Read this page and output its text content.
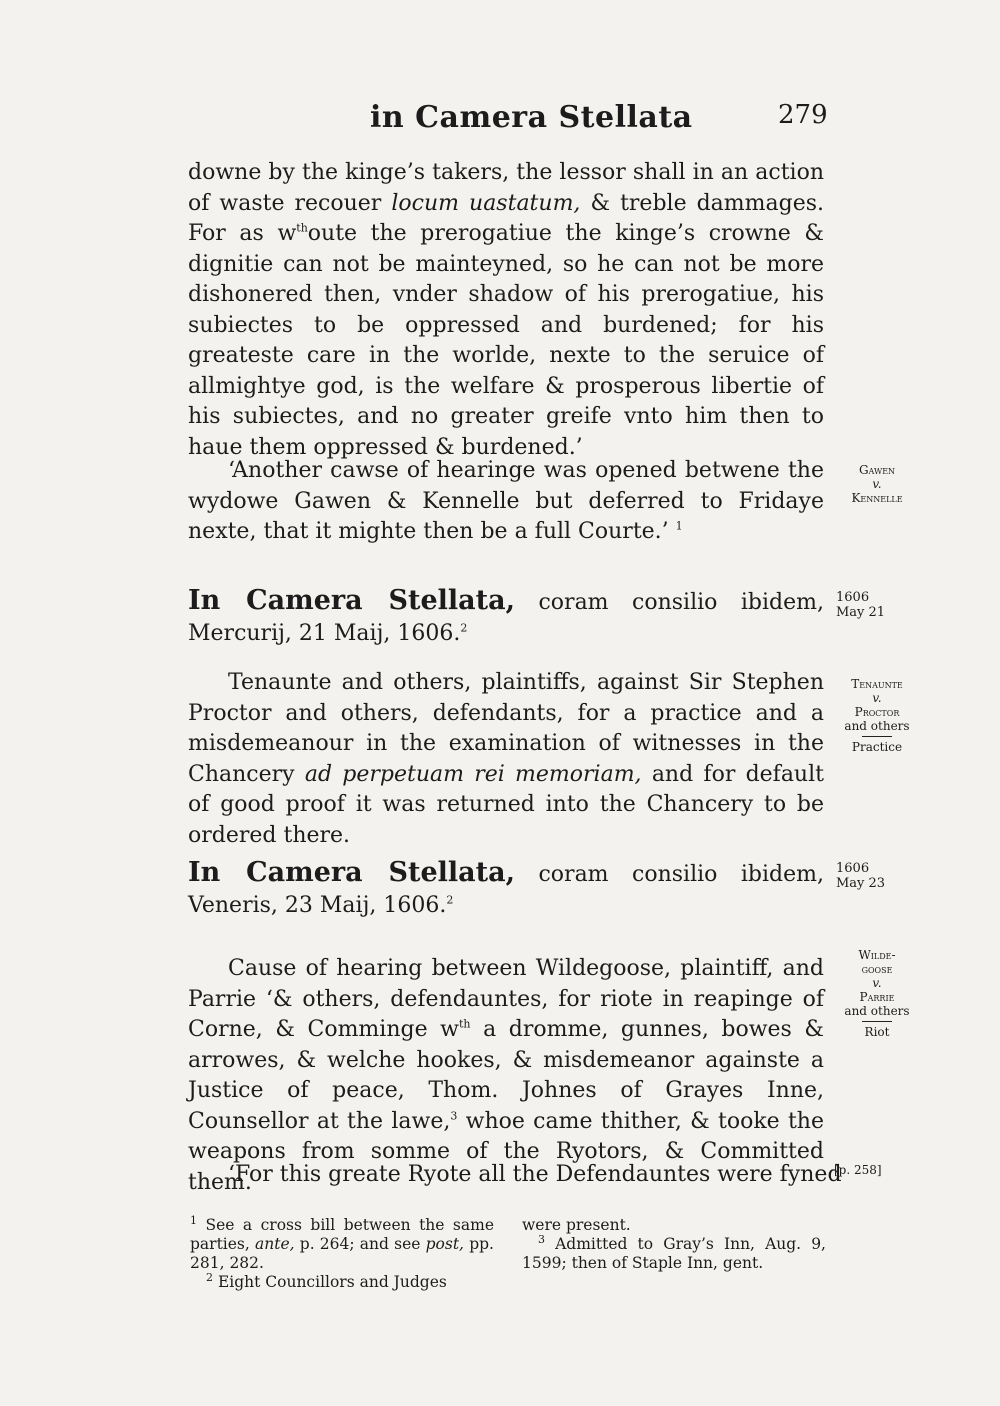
in Camera Stellata	279
downe by the kinge’s takers, the lessor shall in an action of waste recouer locum uastatum, & treble dammages. For as $w^{th}oute$ the prerogatiue the kinge’s crowne & dignitie can not be mainteyned, so he can not be more dishonered then, vnder shadow of his prerogatiue, his subiectes to be oppressed and burdened; for his greateste care in the worlde, nexte to the seruice of allmightye god, is the welfare & prosperous libertie of his subiectes, and no greater greife vnto him then to haue them oppressed & burdened.’
‘Another cawse of hearinge was opened betwene the wydowe Gawen & Kennelle but deferred to Fridaye nexte, that it mighte then be a full Courte.’ $^1$
Gawen
v.
Kennelle
In Camera Stellata, coram consilio ibidem, Mercurij, 21 Maij, 1606.$^2$
1606
May 21
Tenaunte and others, plaintiffs, against Sir Stephen Proctor and others, defendants, for a practice and a misdemeanour in the examination of witnesses in the Chancery ad perpetuam rei memoriam, and for default of good proof it was returned into the Chancery to be ordered there.
Tenaunte
v.
Proctor
and others
Practice
In Camera Stellata, coram consilio ibidem, Veneris, 23 Maij, 1606.$^2$
1606
May 23
Cause of hearing between Wildegoose, plaintiff, and Parrie ‘& others, defendauntes, for riote in reapinge of Corne, & Comminge $w^{th}$ a dromme, gunnes, bowes & arrowes, & welche hookes, & misdemeanor againste a Justice of peace, Thom. Johnes of Grayes Inne, Counsellor at the lawe,$^3$ whoe came thither, & tooke the weapons from somme of the Ryotors, & Committed them.
Wilde-
goose
v.
Parrie
and others
Riot
‘For this greate Ryote all the Defendauntes were fyned
[p. 258]
$^1$ See a cross bill between the same parties, ante, p. 264; and see post, pp. 281, 282.
$^2$ Eight Councillors and Judges
were present.
$^3$ Admitted to Gray’s Inn, Aug. 9, 1599; then of Staple Inn, gent.
